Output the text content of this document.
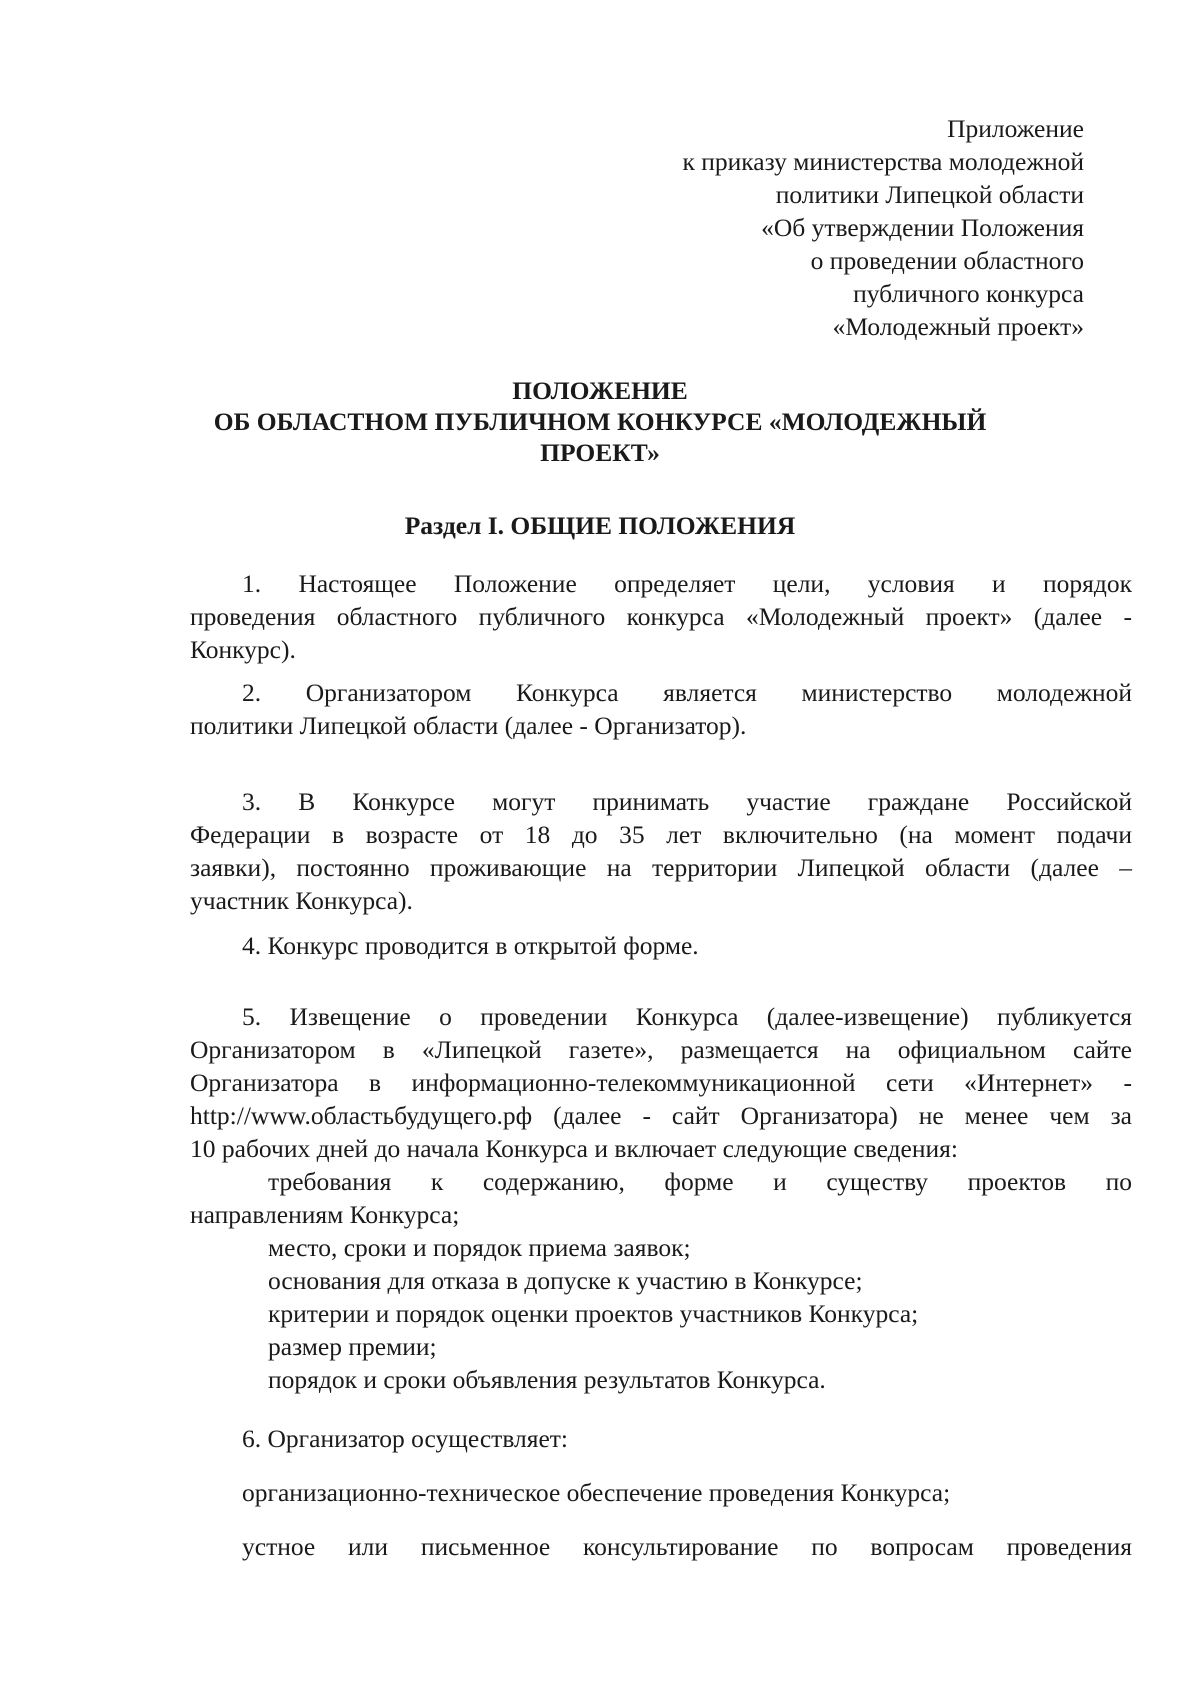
Приложение
к приказу министерства молодежной
политики Липецкой области
«Об утверждении Положения
о проведении областного
публичного конкурса
«Молодежный проект»
ПОЛОЖЕНИЕ
ОБ ОБЛАСТНОМ ПУБЛИЧНОМ КОНКУРСЕ «МОЛОДЕЖНЫЙ
ПРОЕКТ»
Раздел I. ОБЩИЕ ПОЛОЖЕНИЯ
1. Настоящее Положение определяет цели, условия и порядок
проведения областного публичного конкурса «Молодежный проект» (далее -
Конкурс).
2. Организатором Конкурса является министерство молодежной
политики Липецкой области (далее - Организатор).
3. В Конкурсе могут принимать участие граждане Российской
Федерации в возрасте от 18 до 35 лет включительно (на момент подачи
заявки), постоянно проживающие на территории Липецкой области (далее –
участник Конкурса).
4. Конкурс проводится в открытой форме.
5. Извещение о проведении Конкурса (далее-извещение) публикуется
Организатором в «Липецкой газете», размещается на официальном сайте
Организатора в информационно-телекоммуникационной сети «Интернет» -
http://www.областьбудущего.рф (далее - сайт Организатора) не менее чем за
10 рабочих дней до начала Конкурса и включает следующие сведения:
требования к содержанию, форме и существу проектов по
направлениям Конкурса;
место, сроки и порядок приема заявок;
основания для отказа в допуске к участию в Конкурсе;
критерии и порядок оценки проектов участников Конкурса;
размер премии;
порядок и сроки объявления результатов Конкурса.
6. Организатор осуществляет:
организационно-техническое обеспечение проведения Конкурса;
устное или письменное консультирование по вопросам проведения
